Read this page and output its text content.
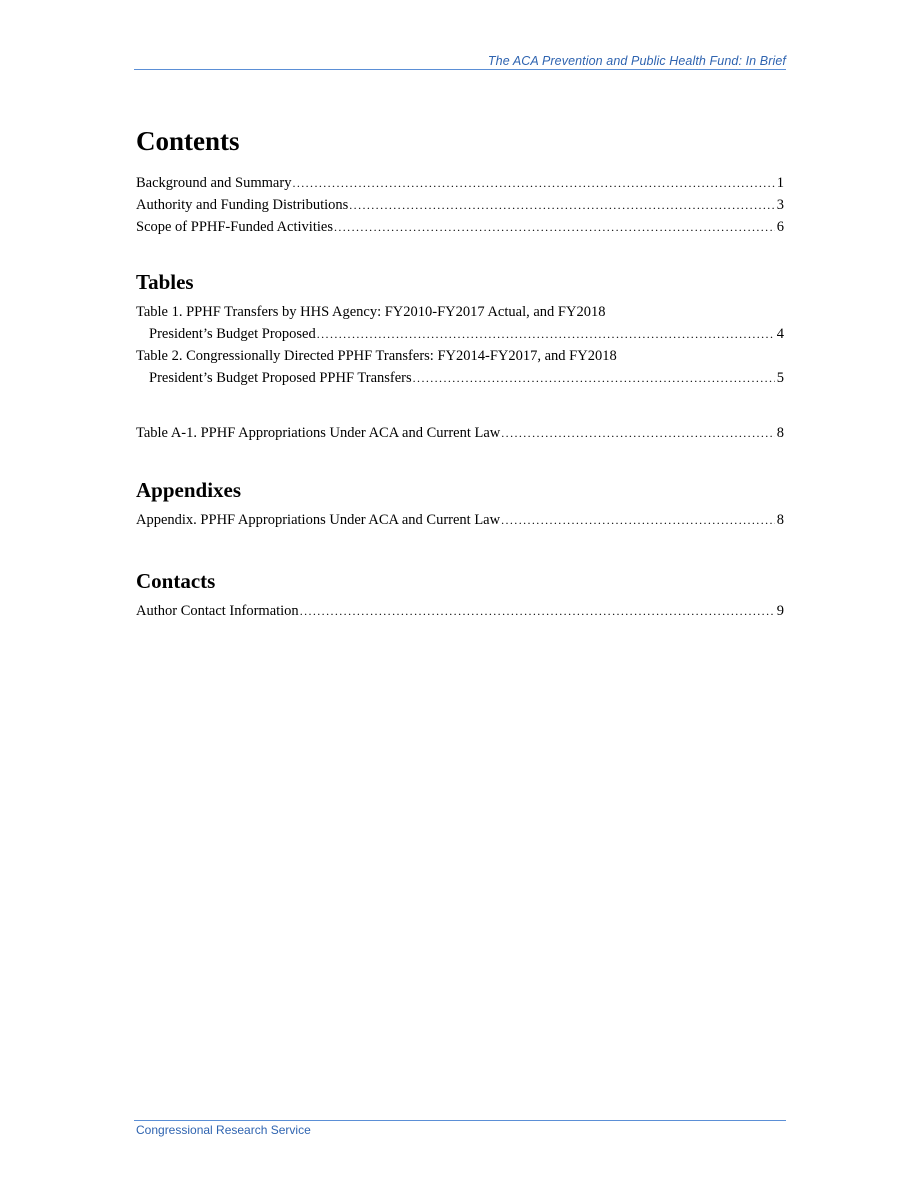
The ACA Prevention and Public Health Fund: In Brief
Contents
Background and Summary .....	1
Authority and Funding Distributions .....	3
Scope of PPHF-Funded Activities .....	6
Tables
Table 1. PPHF Transfers by HHS Agency: FY2010-FY2017 Actual, and FY2018
President’s Budget Proposed .....	4
Table 2. Congressionally Directed PPHF Transfers: FY2014-FY2017, and FY2018
President’s Budget Proposed PPHF Transfers .....	5
Table A-1. PPHF Appropriations Under ACA and Current Law .....	8
Appendixes
Appendix. PPHF Appropriations Under ACA and Current Law .....	8
Contacts
Author Contact Information .....	9
Congressional Research Service
